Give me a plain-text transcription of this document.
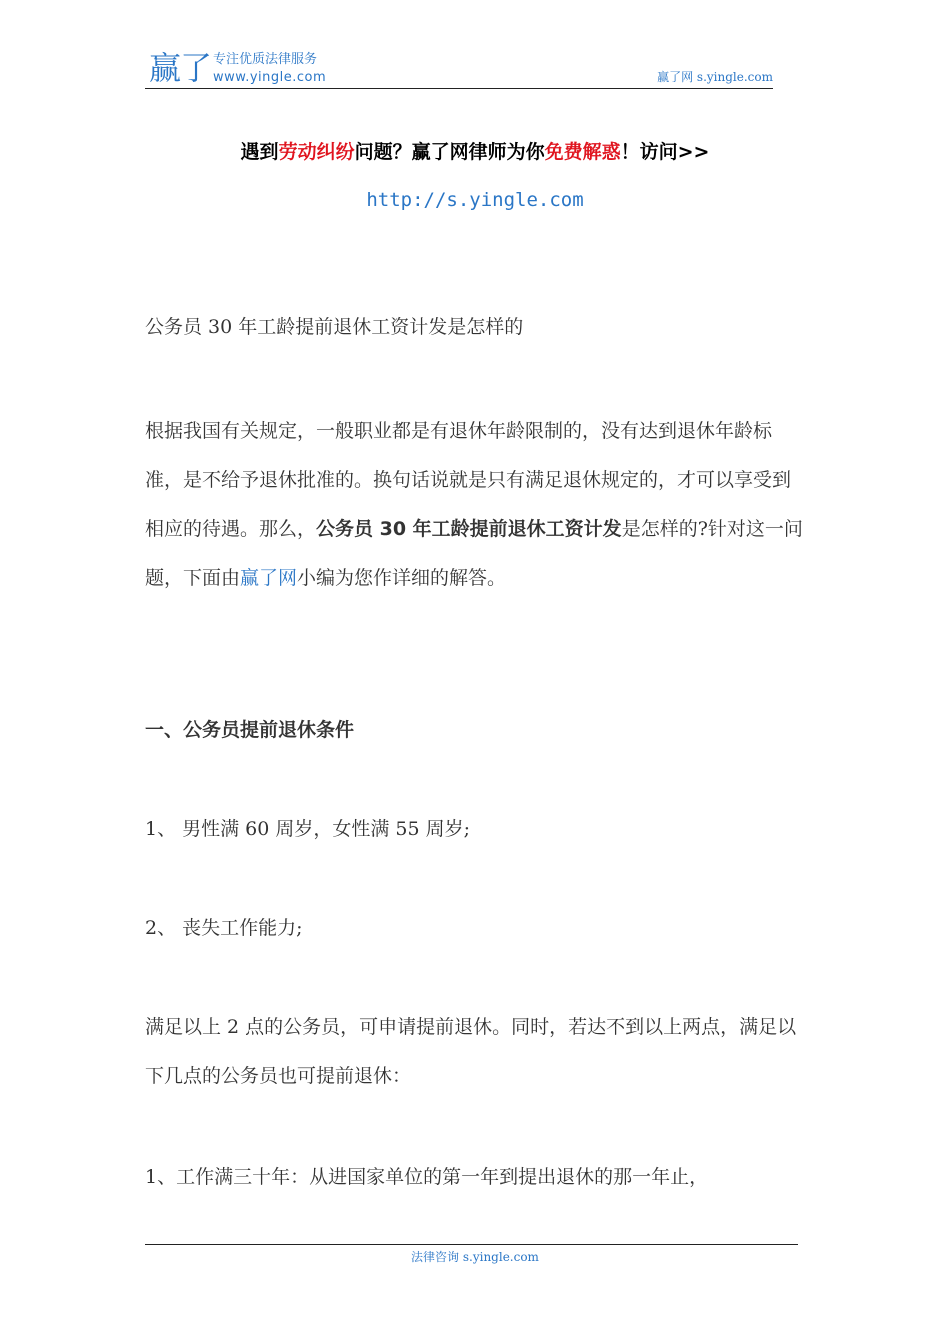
赢了 专注优质法律服务
www.yingle.com	赢了网 s.yingle.com
遇到劳动纠纷问题？赢了网律师为你免费解惑！访问>>
http://s.yingle.com

公务员 30 年工龄提前退休工资计发是怎样的

根据我国有关规定，一般职业都是有退休年龄限制的，没有达到退休年龄标准，是不给予退休批准的。换句话说就是只有满足退休规定的，才可以享受到相应的待遇。那么，公务员 30 年工龄提前退休工资计发是怎样的?针对这一问题，下面由赢了网小编为您作详细的解答。

一、公务员提前退休条件

1、 男性满 60 周岁，女性满 55 周岁;

2、 丧失工作能力;

满足以上 2 点的公务员，可申请提前退休。同时，若达不到以上两点，满足以下几点的公务员也可提前退休：

1、工作满三十年：从进国家单位的第一年到提出退休的那一年止，

法律咨询 s.yingle.com
